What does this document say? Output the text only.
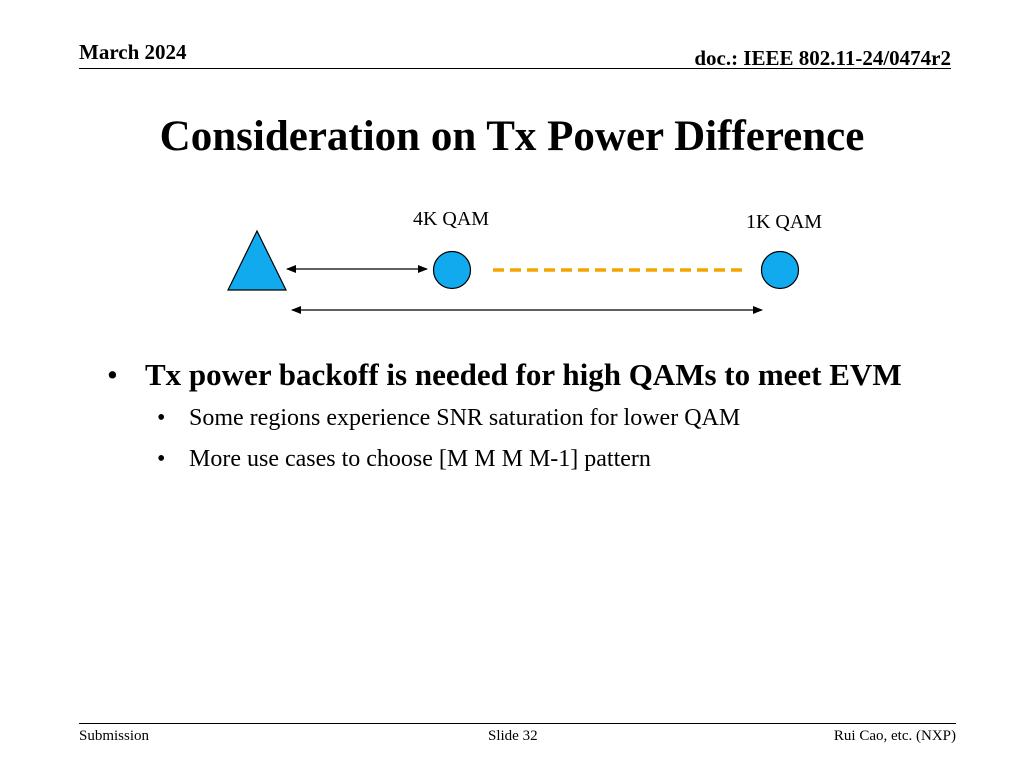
March 2024	doc.: IEEE 802.11-24/0474r2
Consideration on Tx Power Difference
4K QAM	1K QAM
• Tx power backoff is needed for high QAMs to meet EVM
• Some regions experience SNR saturation for lower QAM
• More use cases to choose [M M M M-1] pattern
Submission	Slide 32	Rui Cao, etc. (NXP)
